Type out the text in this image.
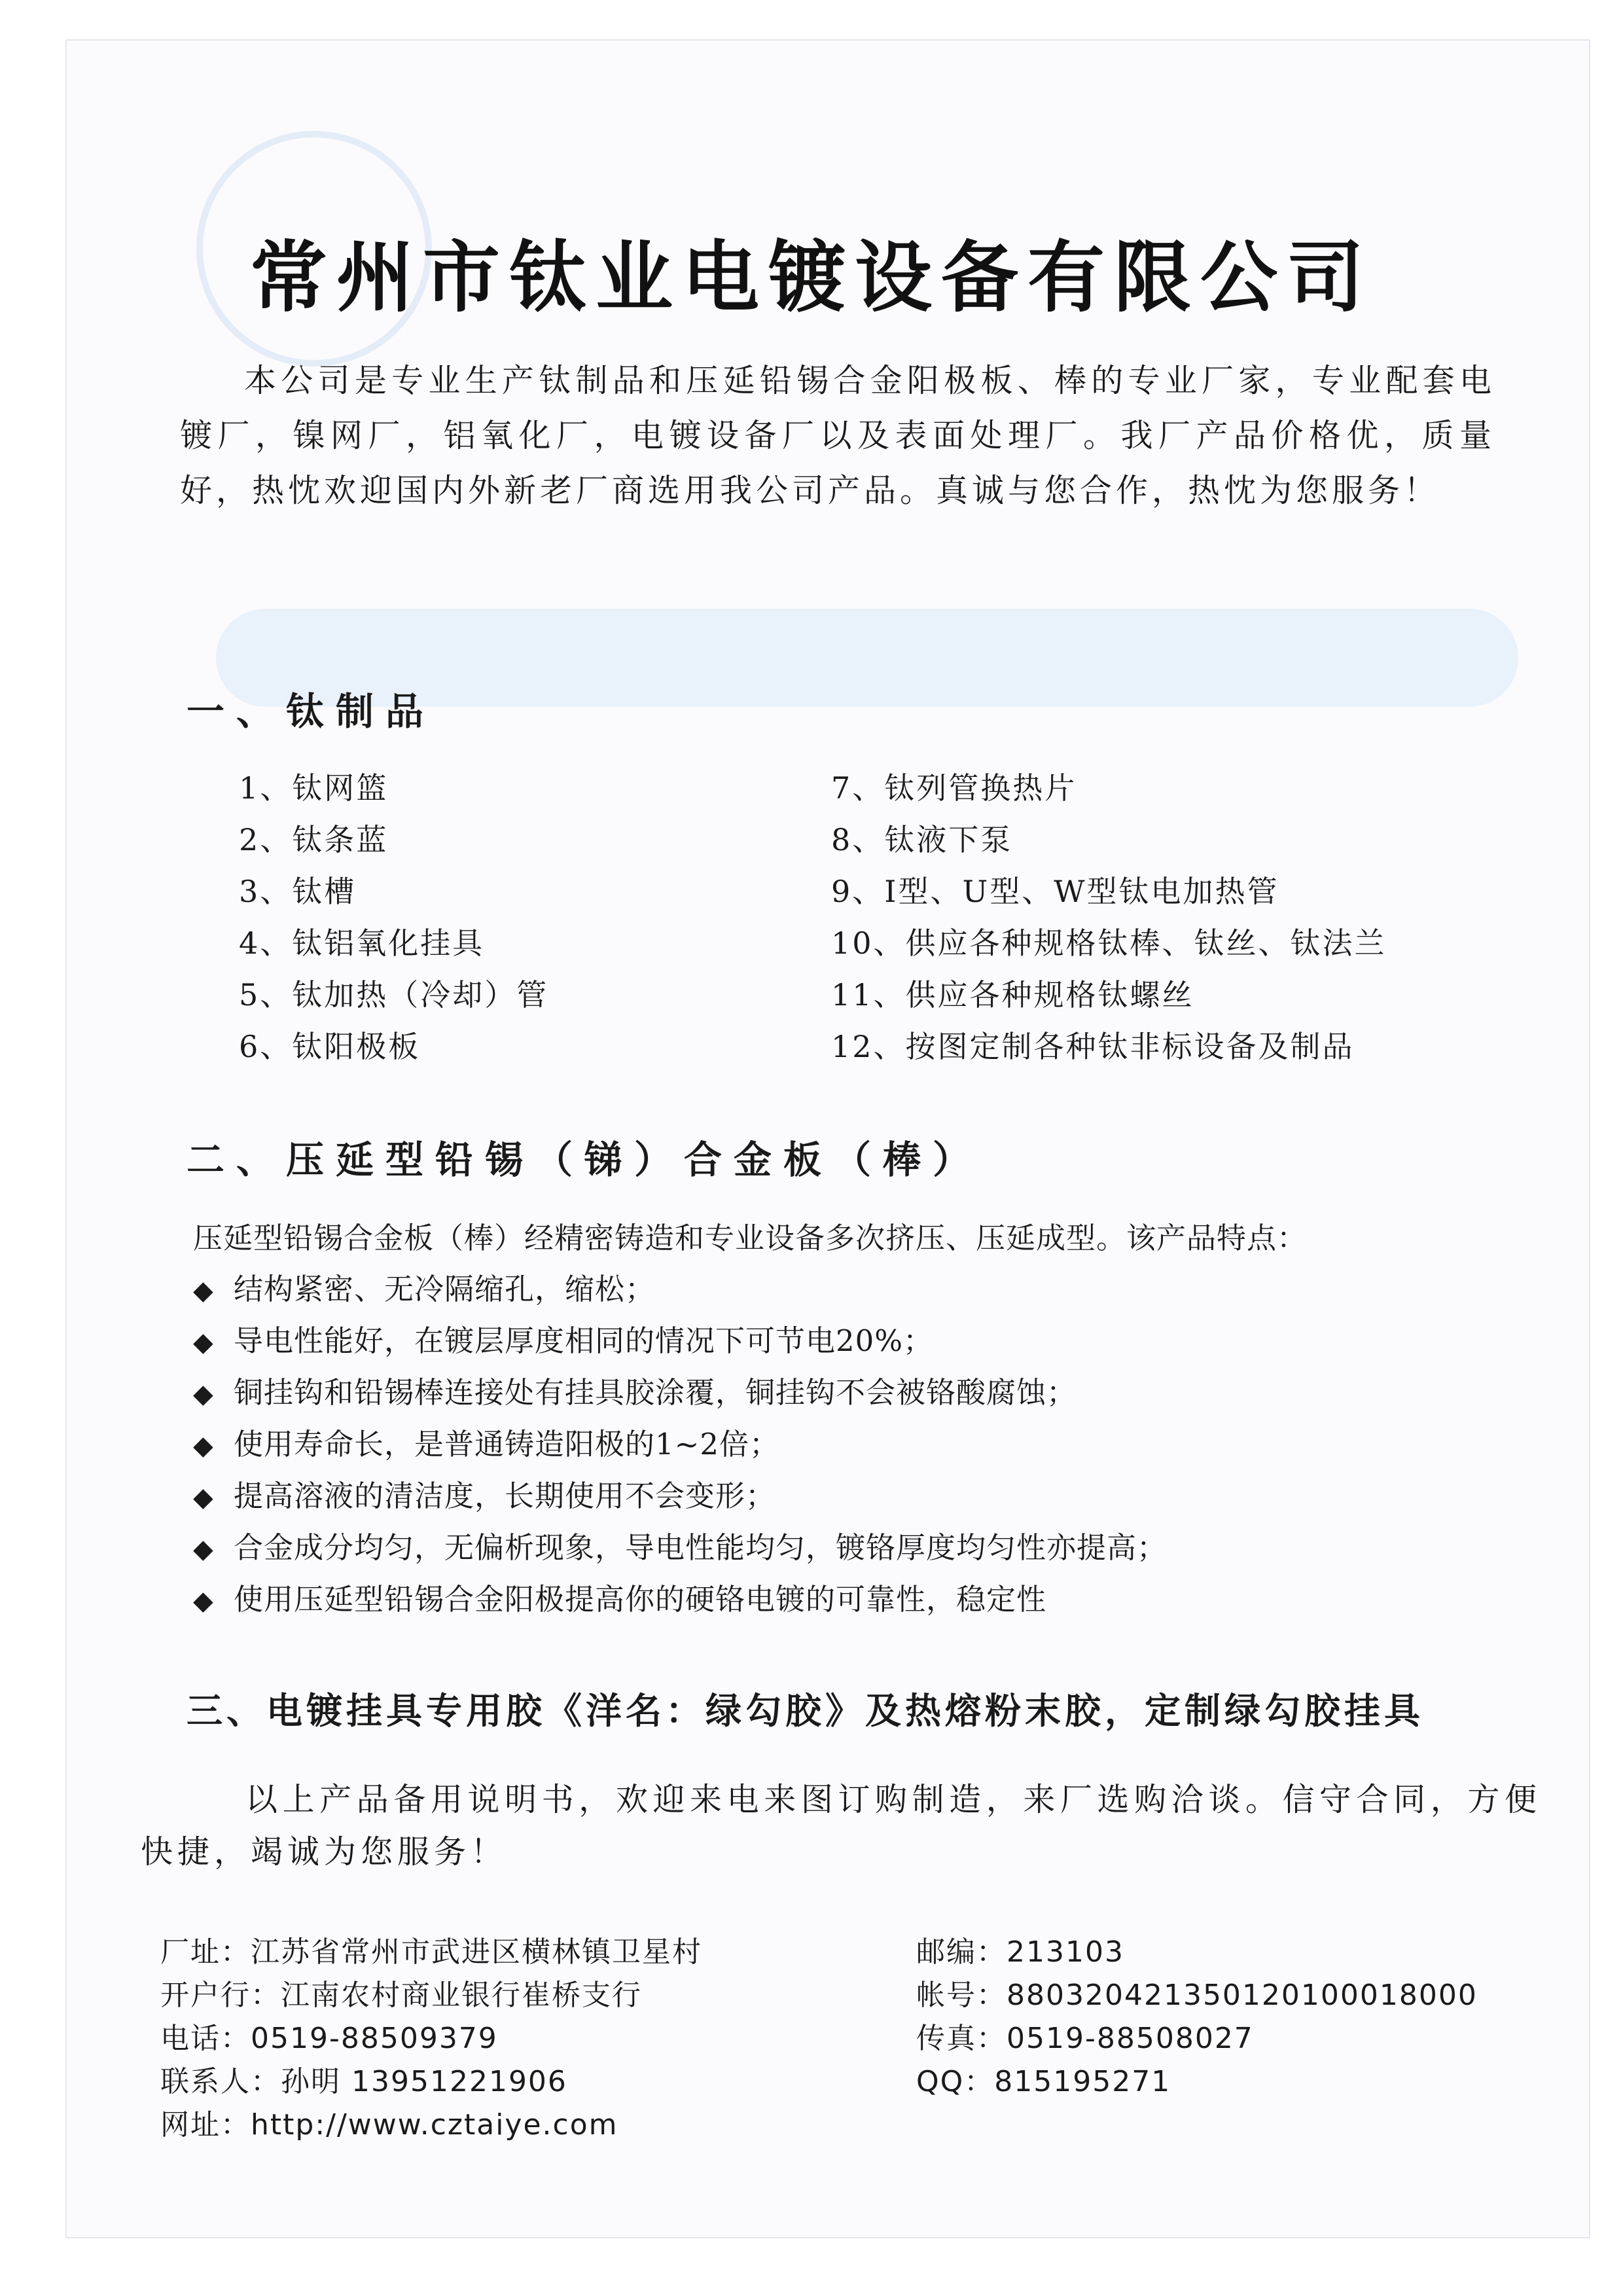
常州市钛业电镀设备有限公司

本公司是专业生产钛制品和压延铅锡合金阳极板、棒的专业厂家，专业配套电镀厂，镍网厂，铝氧化厂，电镀设备厂以及表面处理厂。我厂产品价格优，质量好，热忱欢迎国内外新老厂商选用我公司产品。真诚与您合作，热忱为您服务！

一、钛制品
1、钛网篮
2、钛条蓝
3、钛槽
4、钛铝氧化挂具
5、钛加热（冷却）管
6、钛阳极板
7、钛列管换热片
8、钛液下泵
9、I型、U型、W型钛电加热管
10、供应各种规格钛棒、钛丝、钛法兰
11、供应各种规格钛螺丝
12、按图定制各种钛非标设备及制品
二、压延型铅锡（锑）合金板（棒）
压延型铅锡合金板（棒）经精密铸造和专业设备多次挤压、压延成型。该产品特点：
◆ 结构紧密、无冷隔缩孔，缩松；
◆ 导电性能好，在镀层厚度相同的情况下可节电20%；
◆ 铜挂钩和铅锡棒连接处有挂具胶涂覆，铜挂钩不会被铬酸腐蚀；
◆ 使用寿命长，是普通铸造阳极的1~2倍；
◆ 提高溶液的清洁度，长期使用不会变形；
◆ 合金成分均匀，无偏析现象，导电性能均匀，镀铬厚度均匀性亦提高；
◆ 使用压延型铅锡合金阳极提高你的硬铬电镀的可靠性，稳定性
三、电镀挂具专用胶《洋名：绿勾胶》及热熔粉末胶，定制绿勾胶挂具

以上产品备用说明书，欢迎来电来图订购制造，来厂选购洽谈。信守合同，方便快捷，竭诚为您服务！

厂址：江苏省常州市武进区横林镇卫星村
开户行：江南农村商业银行崔桥支行
电话：0519-88509379
联系人：孙明 13951221906
网址：http://www.cztaiye.com
邮编：213103
帐号：880320421350120100018000
传真：0519-88508027
QQ：815195271
